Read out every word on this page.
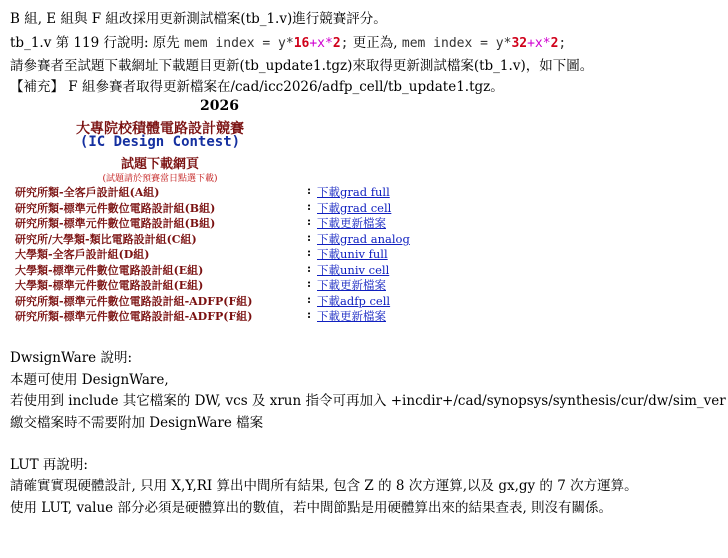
B 組, E 組與 F 組改採用更新測試檔案(tb_1.v)進行競賽評分。
tb_1.v 第 119 行說明: 原先 mem index = y*16+x*2; 更正為, mem index = y*32+x*2;
請參賽者至試題下載網址下載題目更新(tb_update1.tgz)來取得更新測試檔案(tb_1.v)，如下圖。
【補充】 F 組參賽者取得更新檔案在/cad/icc2026/adfp_cell/tb_update1.tgz。
2026
大專院校積體電路設計競賽
(IC Design Contest)
試題下載網頁
(試題請於預賽當日點選下載)
研究所類-全客戶設計組(A組)	: 下載grad full
研究所類-標準元件數位電路設計組(B組)	: 下載grad cell
研究所類-標準元件數位電路設計組(B組)	: 下載更新檔案
研究所/大學類-類比電路設計組(C組)	: 下載grad analog
大學類-全客戶設計組(D組)	: 下載univ full
大學類-標準元件數位電路設計組(E組)	: 下載univ cell
大學類-標準元件數位電路設計組(E組)	: 下載更新檔案
研究所類-標準元件數位電路設計組-ADFP(F組)	: 下載adfp cell
研究所類-標準元件數位電路設計組-ADFP(F組)	: 下載更新檔案
DwsignWare 說明:
本題可使用 DesignWare,
若使用到 include 其它檔案的 DW, vcs 及 xrun 指令可再加入 +incdir+/cad/synopsys/synthesis/cur/dw/sim_ver
繳交檔案時不需要附加 DesignWare 檔案
LUT 再說明:
請確實實現硬體設計, 只用 X,Y,RI 算出中間所有結果, 包含 Z 的 8 次方運算,以及 gx,gy 的 7 次方運算。
使用 LUT, value 部分必須是硬體算出的數值，若中間節點是用硬體算出來的結果查表, 則沒有關係。
